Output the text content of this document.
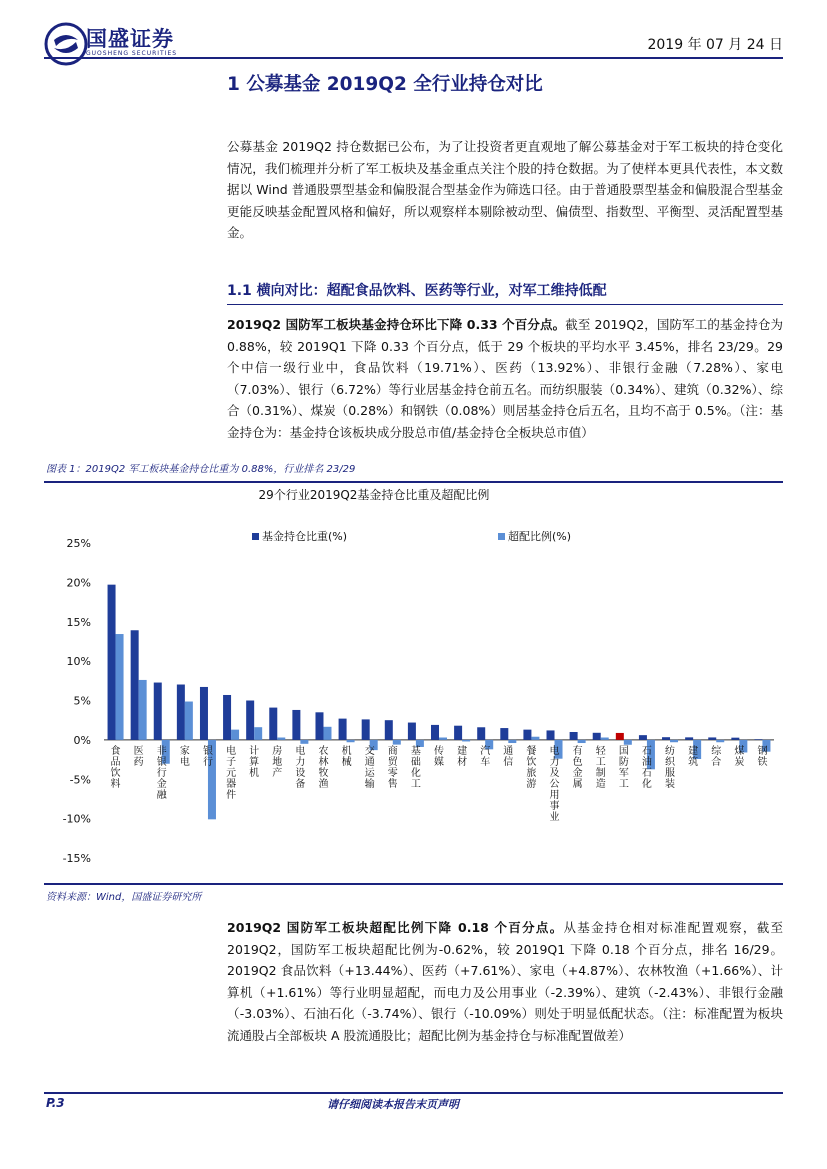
国盛证券
GUOSHENG SECURITIES
2019 年 07 月 24 日
1 公募基金 2019Q2 全行业持仓对比
公募基金 2019Q2 持仓数据已公布，为了让投资者更直观地了解公募基金对于军工板块的持仓变化情况，我们梳理并分析了军工板块及基金重点关注个股的持仓数据。为了使样本更具代表性，本文数据以 Wind 普通股票型基金和偏股混合型基金作为筛选口径。由于普通股票型基金和偏股混合型基金更能反映基金配置风格和偏好，所以观察样本剔除被动型、偏债型、指数型、平衡型、灵活配置型基金。
1.1 横向对比：超配食品饮料、医药等行业，对军工维持低配
2019Q2 国防军工板块基金持仓环比下降 0.33 个百分点。截至 2019Q2，国防军工的基金持仓为 0.88%，较 2019Q1 下降 0.33 个百分点，低于 29 个板块的平均水平 3.45%，排名 23/29。29 个中信一级行业中，食品饮料（19.71%）、医药（13.92%）、非银行金融（7.28%）、家电（7.03%）、银行（6.72%）等行业居基金持仓前五名。而纺织服装（0.34%）、建筑（0.32%）、综合（0.31%）、煤炭（0.28%）和钢铁（0.08%）则居基金持仓后五名，且均不高于 0.5%。（注：基金持仓为：基金持仓该板块成分股总市值/基金持仓全板块总市值）
图表 1：2019Q2 军工板块基金持仓比重为 0.88%，行业排名 23/29
29个行业2019Q2基金持仓比重及超配比例
基金持仓比重(%)	超配比例(%)
25%
20%
15%
10%
5%
0%
-5%
-10%
-15%
食品饮料
医药
非银行金融
家电
银行
电子元器件
计算机
房地产
电力设备
农林牧渔
机械
交通运输
商贸零售
基础化工
传媒
建材
汽车
通信
餐饮旅游
电力及公用事业
有色金属
轻工制造
国防军工
石油石化
纺织服装
建筑
综合
煤炭
钢铁
资料来源：Wind，国盛证券研究所
2019Q2 国防军工板块超配比例下降 0.18 个百分点。从基金持仓相对标准配置观察，截至 2019Q2，国防军工板块超配比例为-0.62%，较 2019Q1 下降 0.18 个百分点，排名 16/29。2019Q2 食品饮料（+13.44%）、医药（+7.61%）、家电（+4.87%）、农林牧渔（+1.66%）、计算机（+1.61%）等行业明显超配，而电力及公用事业（-2.39%）、建筑（-2.43%）、非银行金融（-3.03%）、石油石化（-3.74%）、银行（-10.09%）则处于明显低配状态。（注：标准配置为板块流通股占全部板块 A 股流通股比；超配比例为基金持仓与标准配置做差）
P.3	请仔细阅读本报告末页声明
